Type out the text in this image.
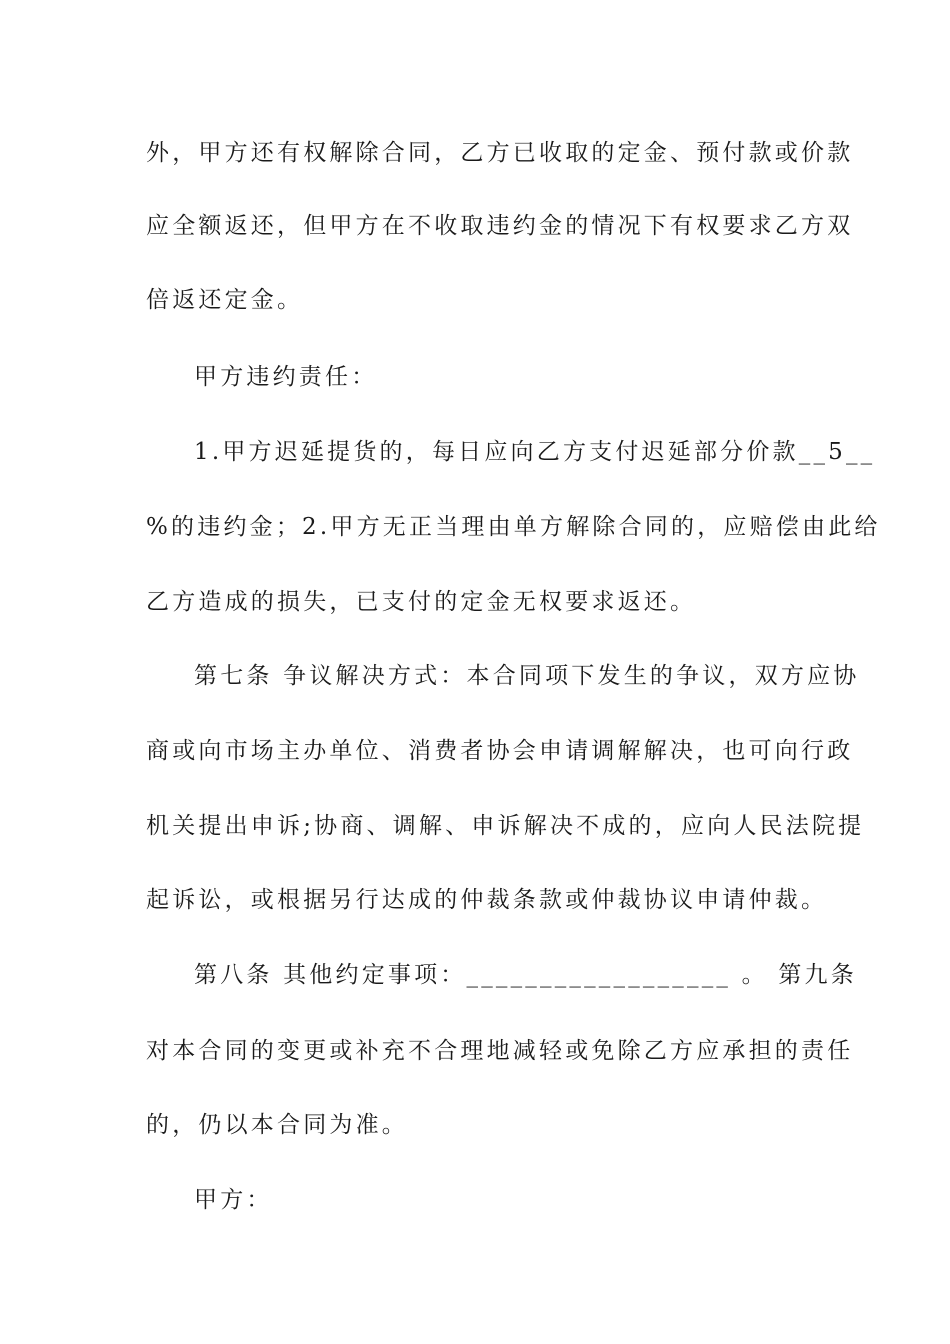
外，甲方还有权解除合同，乙方已收取的定金、预付款或价款
应全额返还，但甲方在不收取违约金的情况下有权要求乙方双
倍返还定金。
甲方违约责任：
1.甲方迟延提货的，每日应向乙方支付迟延部分价款__5__
%的违约金；2.甲方无正当理由单方解除合同的，应赔偿由此给
乙方造成的损失，已支付的定金无权要求返还。
第七条 争议解决方式：本合同项下发生的争议，双方应协
商或向市场主办单位、消费者协会申请调解解决，也可向行政
机关提出申诉;协商、调解、申诉解决不成的，应向人民法院提
起诉讼，或根据另行达成的仲裁条款或仲裁协议申请仲裁。
第八条 其他约定事项：__________________ 。 第九条
对本合同的变更或补充不合理地减轻或免除乙方应承担的责任
的，仍以本合同为准。
甲方：
